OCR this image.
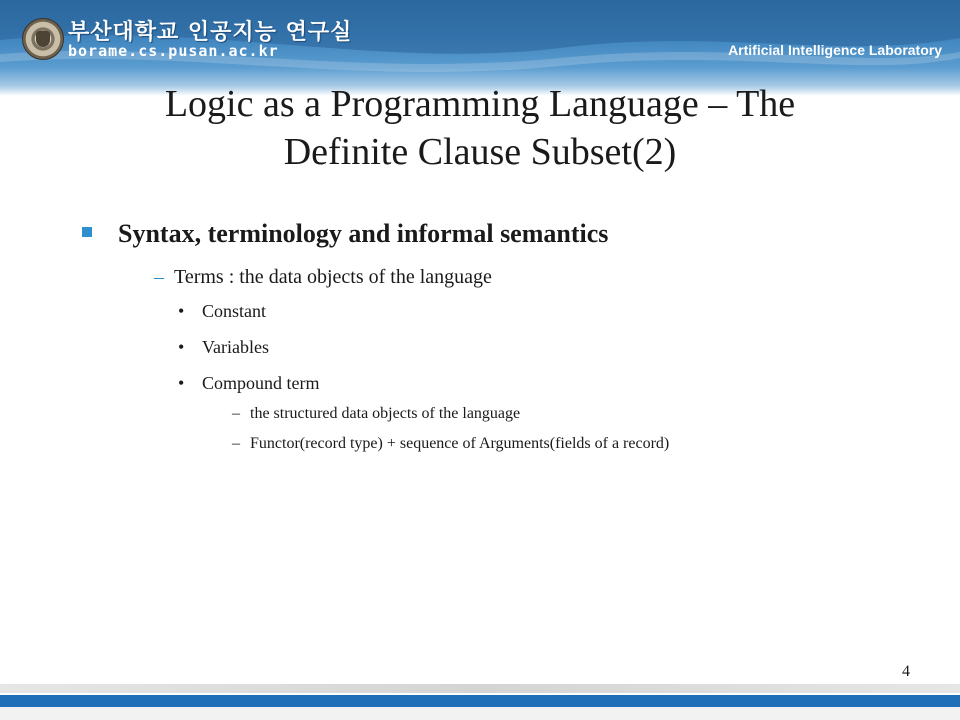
부산대학교 인공지능 연구실
borame.cs.pusan.ac.kr	Artificial Intelligence Laboratory
Logic as a Programming Language – The
Definite Clause Subset(2)
Syntax, terminology and informal semantics
– Terms : the data objects of the language
• Constant
• Variables
• Compound term
– the structured data objects of the language
– Functor(record type) + sequence of Arguments(fields of a record)
4
